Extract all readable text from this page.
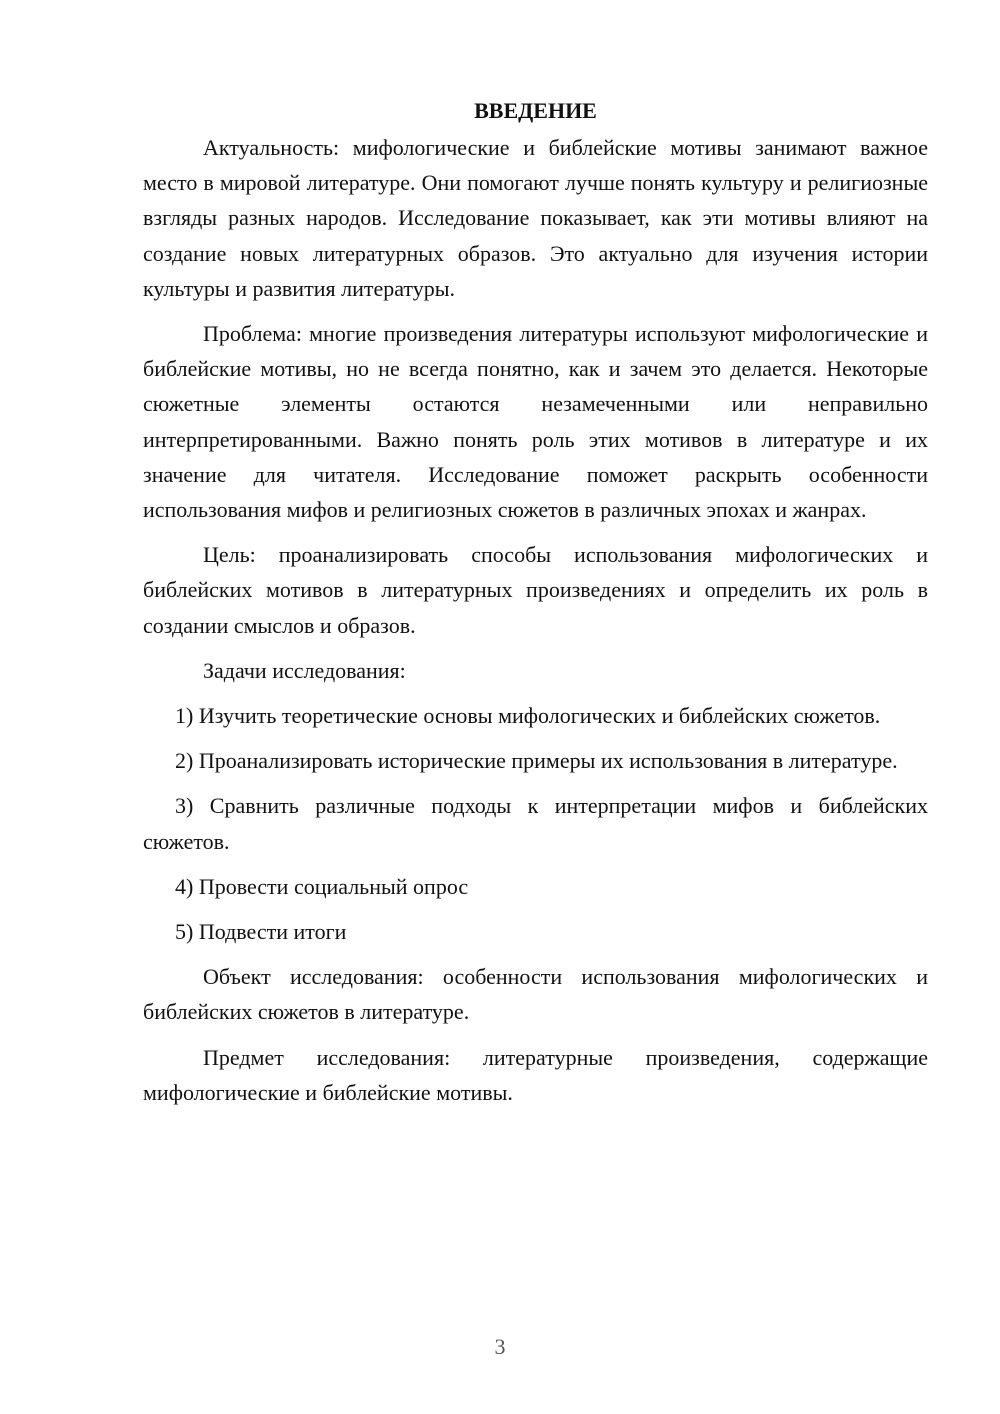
ВВЕДЕНИЕ

Актуальность: мифологические и библейские мотивы занимают важное место в мировой литературе. Они помогают лучше понять культуру и религиозные взгляды разных народов. Исследование показывает, как эти мотивы влияют на создание новых литературных образов. Это актуально для изучения истории культуры и развития литературы.

Проблема: многие произведения литературы используют мифологические и библейские мотивы, но не всегда понятно, как и зачем это делается. Некоторые сюжетные элементы остаются незамеченными или неправильно интерпретированными. Важно понять роль этих мотивов в литературе и их значение для читателя. Исследование поможет раскрыть особенности использования мифов и религиозных сюжетов в различных эпохах и жанрах.

Цель: проанализировать способы использования мифологических и библейских мотивов в литературных произведениях и определить их роль в создании смыслов и образов.

Задачи исследования:

1) Изучить теоретические основы мифологических и библейских сюжетов.

2) Проанализировать исторические примеры их использования в литературе.

3) Сравнить различные подходы к интерпретации мифов и библейских сюжетов.

4) Провести социальный опрос

5) Подвести итоги

Объект исследования: особенности использования мифологических и библейских сюжетов в литературе.

Предмет исследования: литературные произведения, содержащие мифологические и библейские мотивы.

3
